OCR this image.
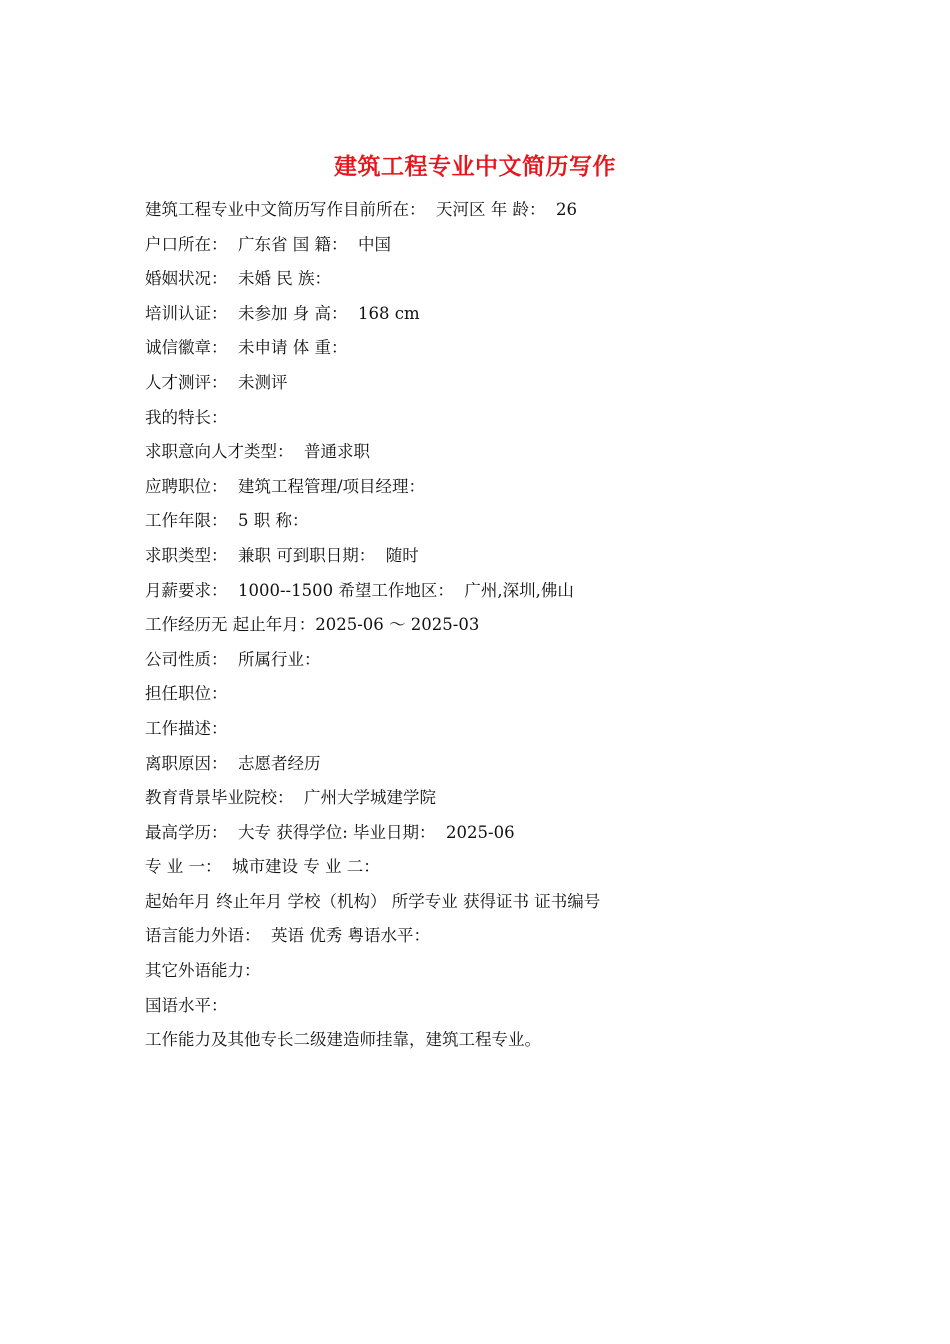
建筑工程专业中文简历写作
建筑工程专业中文简历写作目前所在：  天河区 年 龄：  26
户口所在：  广东省 国 籍：  中国
婚姻状况：  未婚 民 族：
培训认证：  未参加 身 高：  168 cm
诚信徽章：  未申请 体 重：
人才测评：  未测评
我的特长：
求职意向人才类型：  普通求职
应聘职位：  建筑工程管理/项目经理：
工作年限：  5 职 称：
求职类型：  兼职 可到职日期：  随时
月薪要求：  1000--1500 希望工作地区：  广州,深圳,佛山
工作经历无 起止年月：2025-06 ～ 2025-03
公司性质：  所属行业：
担任职位：
工作描述：
离职原因：  志愿者经历
教育背景毕业院校：  广州大学城建学院
最高学历：  大专 获得学位: 毕业日期：  2025-06
专 业 一：  城市建设 专 业 二：
起始年月 终止年月 学校（机构） 所学专业 获得证书 证书编号
语言能力外语：  英语 优秀 粤语水平：
其它外语能力：
国语水平：
工作能力及其他专长二级建造师挂靠，建筑工程专业。
